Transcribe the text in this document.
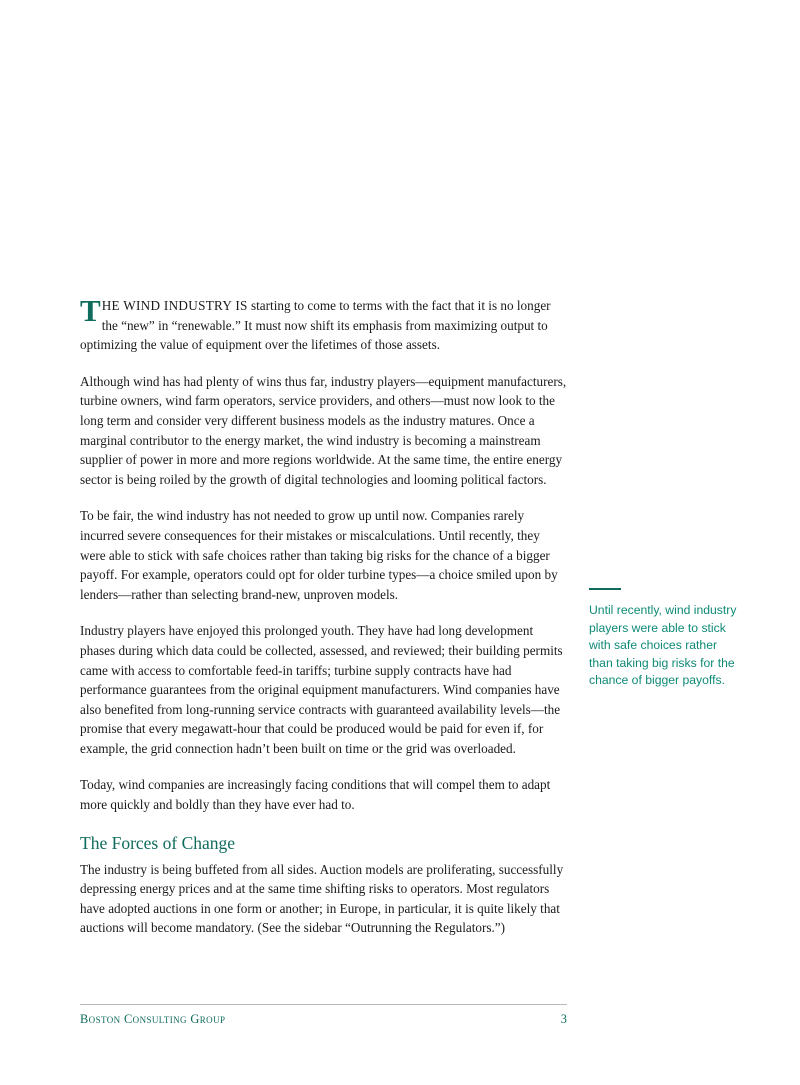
THE WIND INDUSTRY IS starting to come to terms with the fact that it is no longer the “new” in “renewable.” It must now shift its emphasis from maximizing output to optimizing the value of equipment over the lifetimes of those assets.

Although wind has had plenty of wins thus far, industry players—equipment manufacturers, turbine owners, wind farm operators, service providers, and others—must now look to the long term and consider very different business models as the industry matures. Once a marginal contributor to the energy market, the wind industry is becoming a mainstream supplier of power in more and more regions worldwide. At the same time, the entire energy sector is being roiled by the growth of digital technologies and looming political factors.

To be fair, the wind industry has not needed to grow up until now. Companies rarely incurred severe consequences for their mistakes or miscalculations. Until recently, they were able to stick with safe choices rather than taking big risks for the chance of a bigger payoff. For example, operators could opt for older turbine types—a choice smiled upon by lenders—rather than selecting brand-new, unproven models.

Industry players have enjoyed this prolonged youth. They have had long development phases during which data could be collected, assessed, and reviewed; their building permits came with access to comfortable feed-in tariffs; turbine supply contracts have had performance guarantees from the original equipment manufacturers. Wind companies have also benefited from long-running service contracts with guaranteed availability levels—the promise that every megawatt-hour that could be produced would be paid for even if, for example, the grid connection hadn’t been built on time or the grid was overloaded.

Today, wind companies are increasingly facing conditions that will compel them to adapt more quickly and boldly than they have ever had to.

The Forces of Change

The industry is being buffeted from all sides. Auction models are proliferating, successfully depressing energy prices and at the same time shifting risks to operators. Most regulators have adopted auctions in one form or another; in Europe, in particular, it is quite likely that auctions will become mandatory. (See the sidebar “Outrunning the Regulators.”)

Until recently, wind industry players were able to stick with safe choices rather than taking big risks for the chance of bigger payoffs.
Boston Consulting Group	3
